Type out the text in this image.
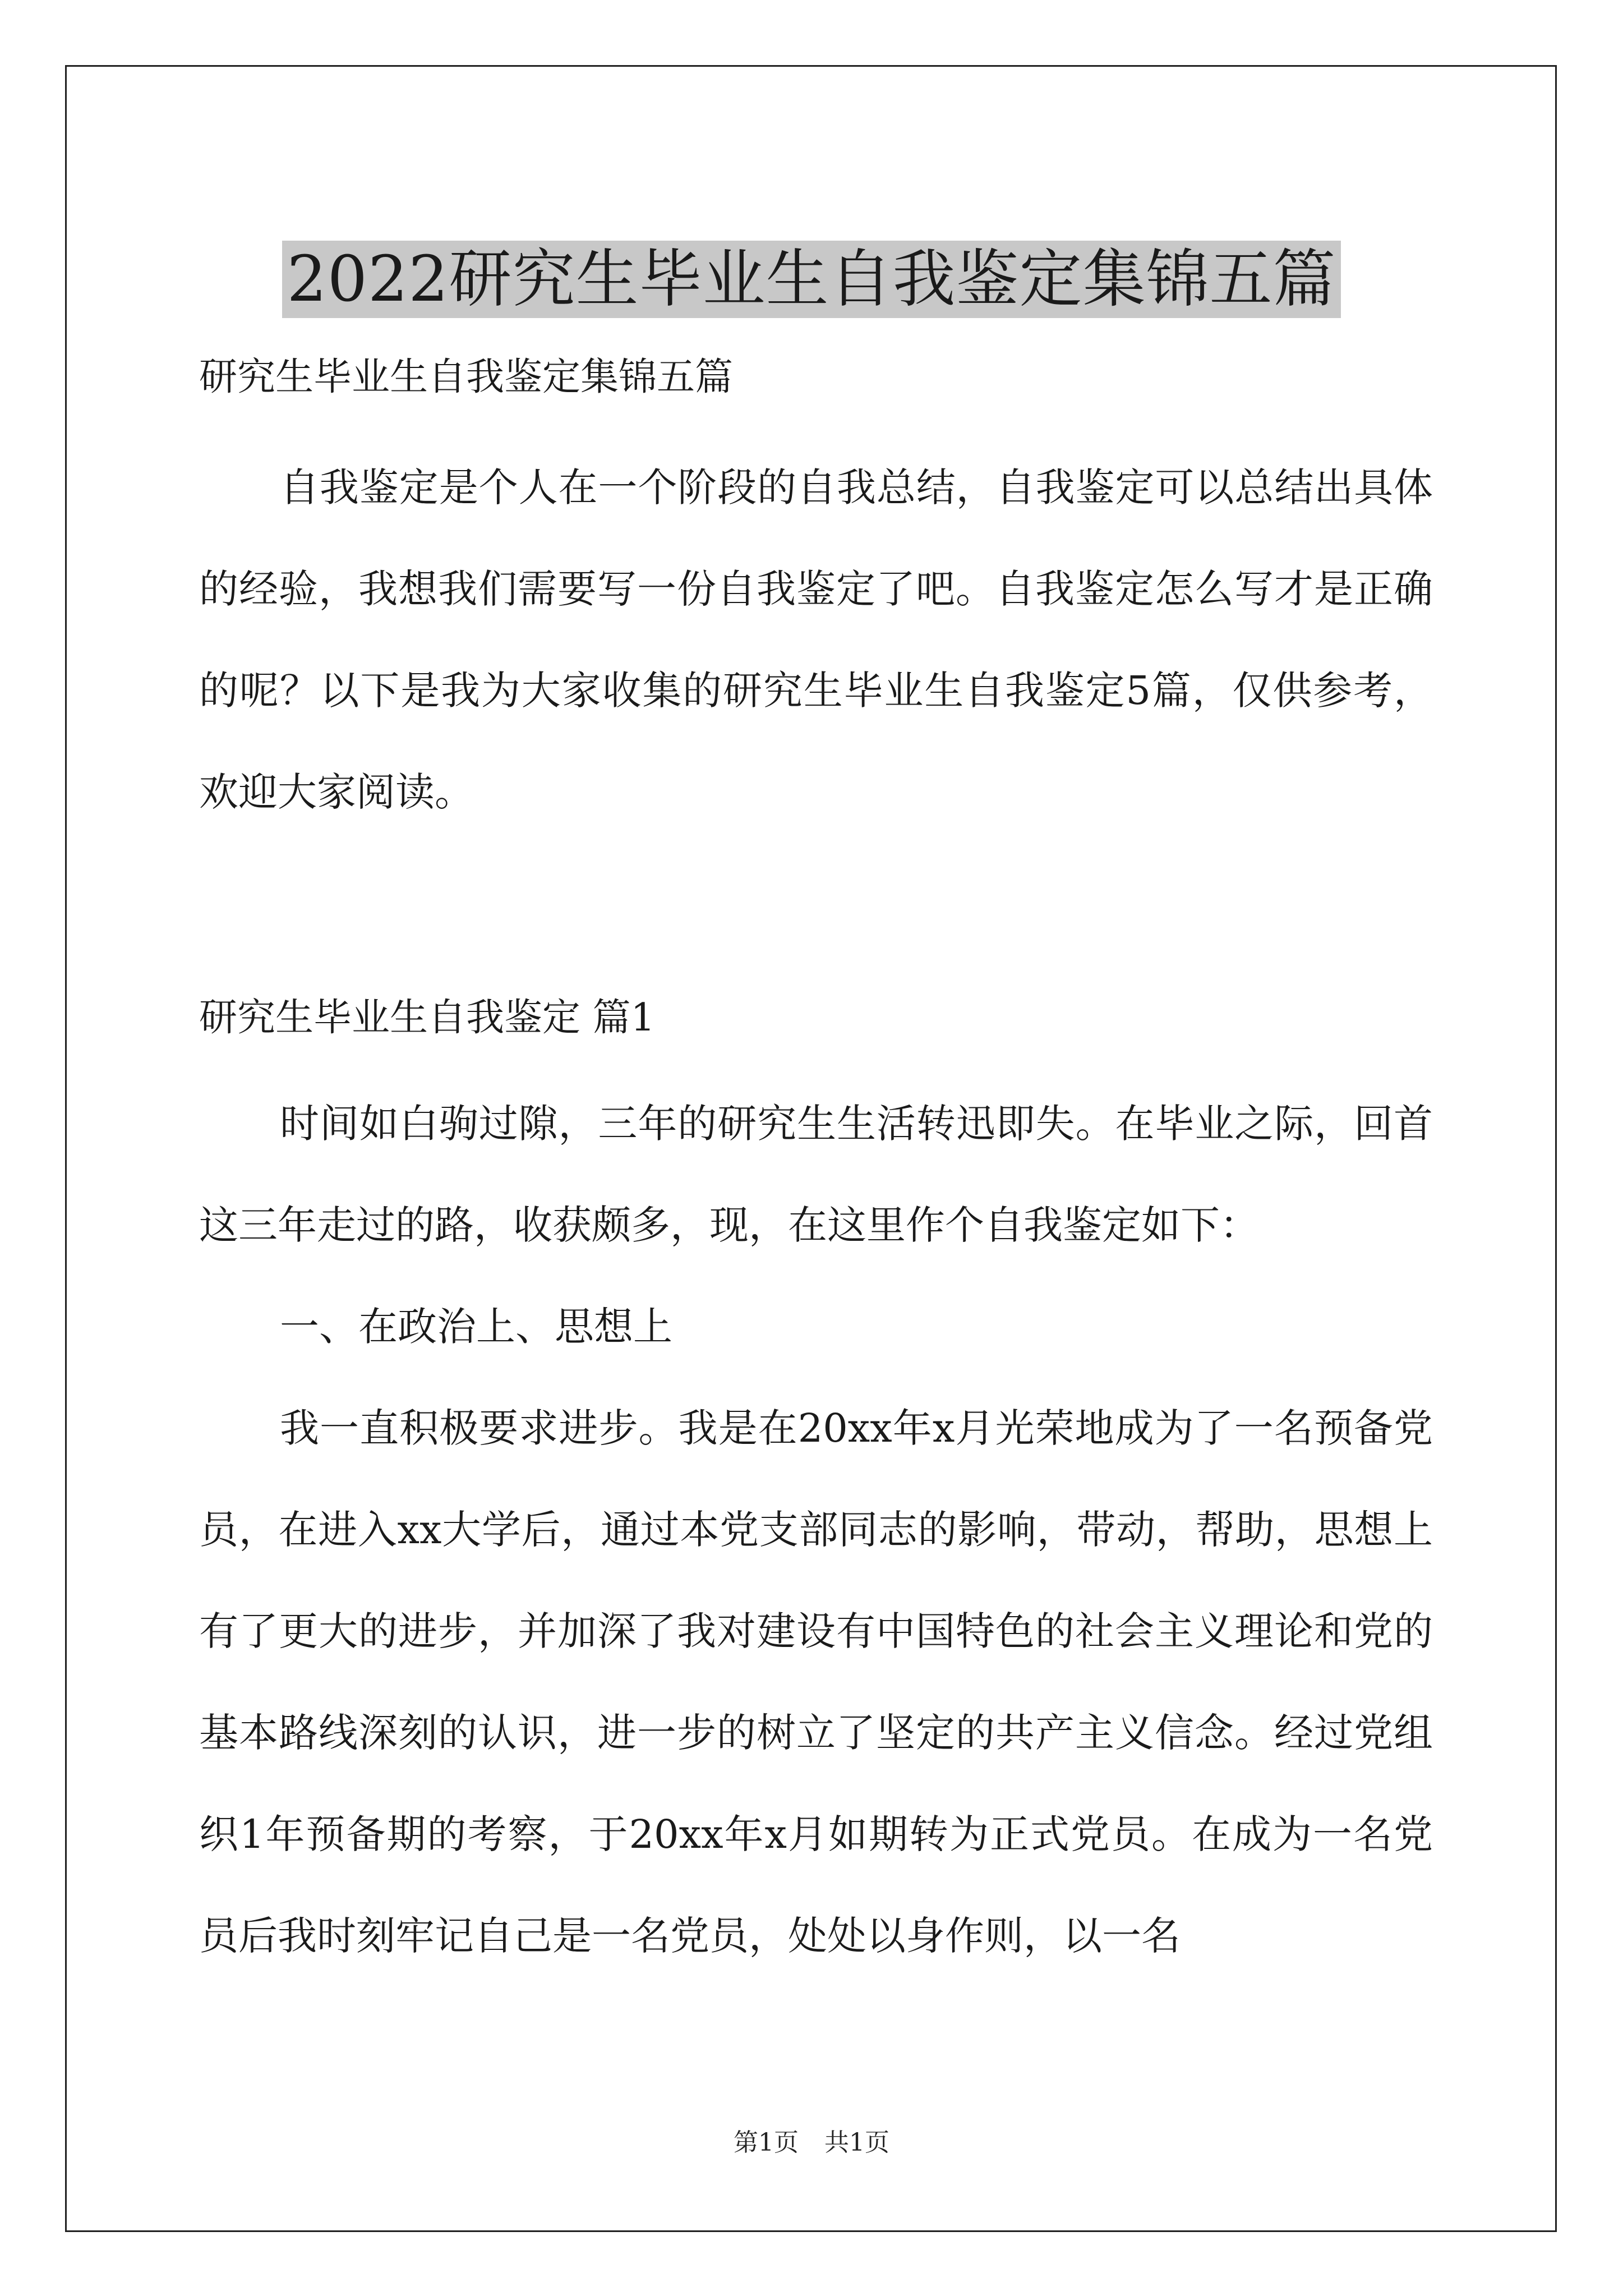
2022研究生毕业生自我鉴定集锦五篇
研究生毕业生自我鉴定集锦五篇

自我鉴定是个人在一个阶段的自我总结，自我鉴定可以总结出具体的经验，我想我们需要写一份自我鉴定了吧。自我鉴定怎么写才是正确的呢？以下是我为大家收集的研究生毕业生自我鉴定5篇，仅供参考，欢迎大家阅读。

研究生毕业生自我鉴定 篇1

时间如白驹过隙，三年的研究生生活转迅即失。在毕业之际，回首这三年走过的路，收获颇多，现，在这里作个自我鉴定如下：

一、在政治上、思想上

我一直积极要求进步。我是在20xx年x月光荣地成为了一名预备党员，在进入xx大学后，通过本党支部同志的影响，带动，帮助，思想上有了更大的进步，并加深了我对建设有中国特色的社会主义理论和党的基本路线深刻的认识，进一步的树立了坚定的共产主义信念。经过党组织1年预备期的考察，于20xx年x月如期转为正式党员。在成为一名党员后我时刻牢记自己是一名党员，处处以身作则，以一名

第1页 共1页
